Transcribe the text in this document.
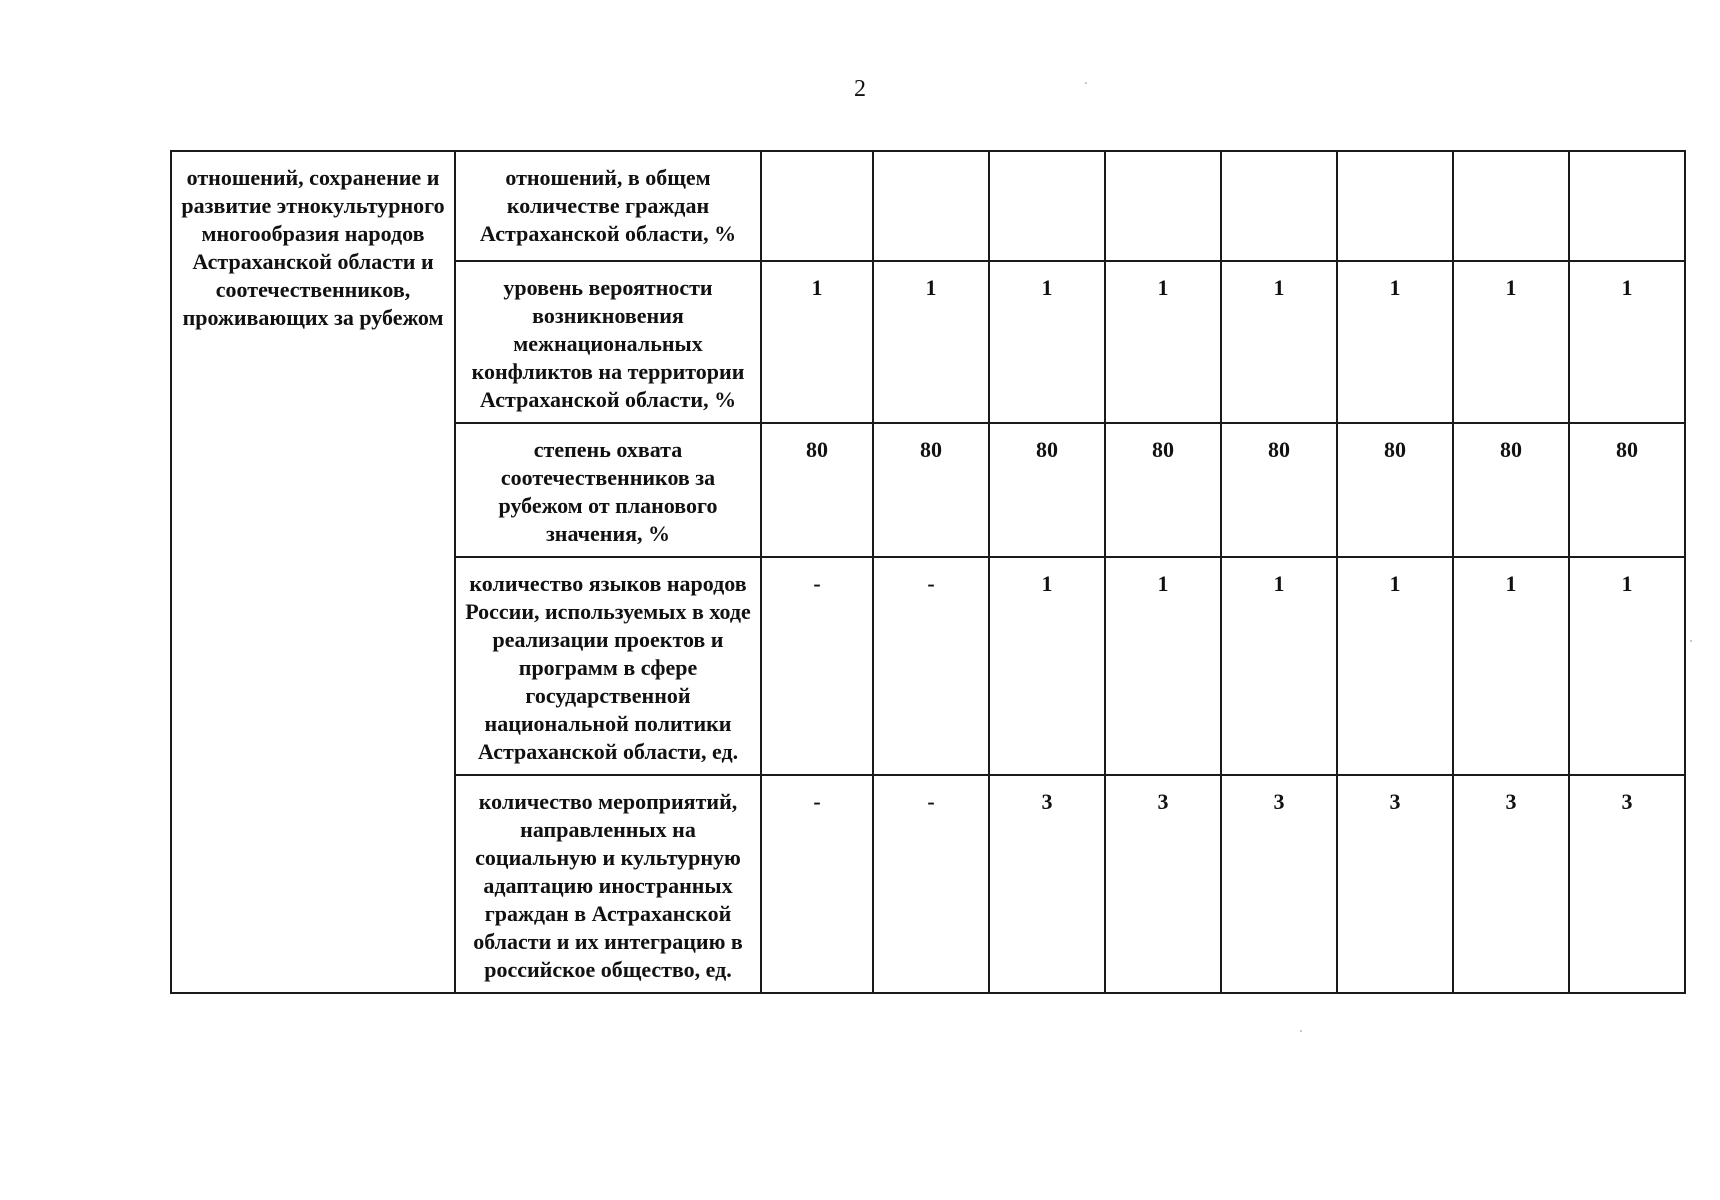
2
отношений, сохранение и развитие этнокультурного многообразия народов Астраханской области и соотечественников, проживающих за рубежом	отношений, в общем количестве граждан Астраханской области, %								
	уровень вероятности возникновения межнациональных конфликтов на территории Астраханской области, %	1	1	1	1	1	1	1	1
	степень охвата соотечественников за рубежом от планового значения, %	80	80	80	80	80	80	80	80
	количество языков народов России, используемых в ходе реализации проектов и программ в сфере государственной национальной политики Астраханской области, ед.	-	-	1	1	1	1	1	1
	количество мероприятий, направленных на социальную и культурную адаптацию иностранных граждан в Астраханской области и их интеграцию в российское общество, ед.	-	-	3	3	3	3	3	3
